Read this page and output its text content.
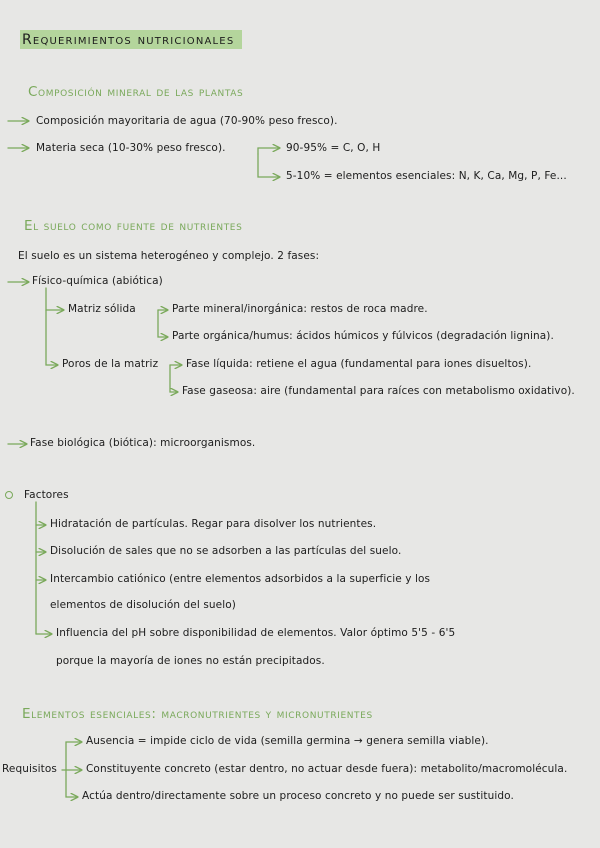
Requerimientos nutricionales
Composición mineral de las plantas
Composición mayoritaria de agua (70-90% peso fresco).
Materia seca (10-30% peso fresco).	90-95% = C, O, H
5-10% = elementos esenciales: N, K, Ca, Mg, P, Fe...
El suelo como fuente de nutrientes
El suelo es un sistema heterogéneo y complejo. 2 fases:
Físico-química (abiótica)
Matriz sólida	Parte mineral/inorgánica: restos de roca madre.
Parte orgánica/humus: ácidos húmicos y fúlvicos (degradación lignina).
Poros de la matriz	Fase líquida: retiene el agua (fundamental para iones disueltos).
Fase gaseosa: aire (fundamental para raíces con metabolismo oxidativo).
Fase biológica (biótica): microorganismos.
Factores
Hidratación de partículas. Regar para disolver los nutrientes.
Disolución de sales que no se adsorben a las partículas del suelo.
Intercambio catiónico (entre elementos adsorbidos a la superficie y los
elementos de disolución del suelo)
Influencia del pH sobre disponibilidad de elementos. Valor óptimo 5'5 - 6'5
porque la mayoría de iones no están precipitados.
Elementos esenciales: macronutrientes y micronutrientes
Requisitos
Ausencia = impide ciclo de vida (semilla germina → genera semilla viable).
Constituyente concreto (estar dentro, no actuar desde fuera): metabolito/macromolécula.
Actúa dentro/directamente sobre un proceso concreto y no puede ser sustituido.
